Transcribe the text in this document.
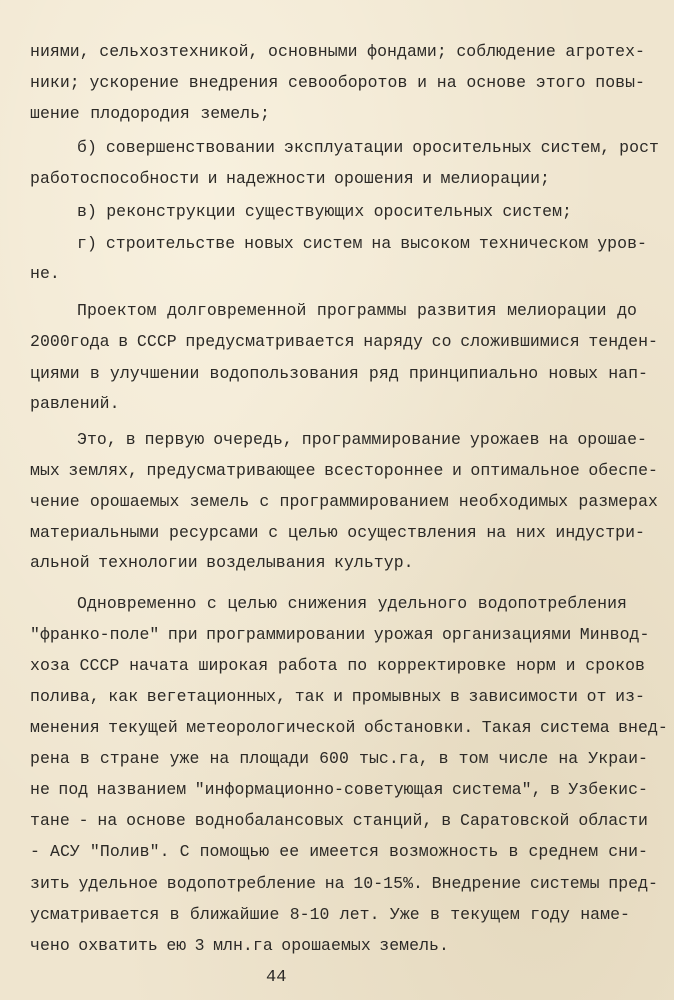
ниями, сельхозтехникой, основными фондами; соблюдение агротех-
ники; ускорение внедрения севооборотов и на основе этого повы-
шение плодородия земель;
б) совершенствовании эксплуатации оросительных систем, рост
работоспособности и надежности орошения и мелиорации;
в) реконструкции существующих оросительных систем;
г) строительстве новых систем на высоком техническом уров-
не.
Проектом долговременной программы развития мелиорации до
2000года в СССР предусматривается наряду со сложившимися тенден-
циями в улучшении водопользования ряд принципиально новых нап-
равлений.
Это, в первую очередь, программирование урожаев на орошае-
мых землях, предусматривающее всестороннее и оптимальное обеспе-
чение орошаемых земель с программированием необходимых размерах
материальными ресурсами с целью осуществления на них индустри-
альной технологии возделывания культур.
Одновременно с целью снижения удельного водопотребления
"франко-поле" при программировании урожая организациями Минвод-
хоза СССР начата широкая работа по корректировке норм и сроков
полива, как вегетационных, так и промывных в зависимости от из-
менения текущей метеорологической обстановки. Такая система внед-
рена в стране уже на площади 600 тыс.га, в том числе на Украи-
не под названием "информационно-советующая система", в Узбекис-
тане - на основе воднобалансовых станций, в Саратовской области
- АСУ "Полив". С помощью ее имеется возможность в среднем сни-
зить удельное водопотребление на 10-15%. Внедрение системы пред-
усматривается в ближайшие 8-10 лет. Уже в текущем году наме-
чено охватить ею 3 млн.га орошаемых земель.
44
